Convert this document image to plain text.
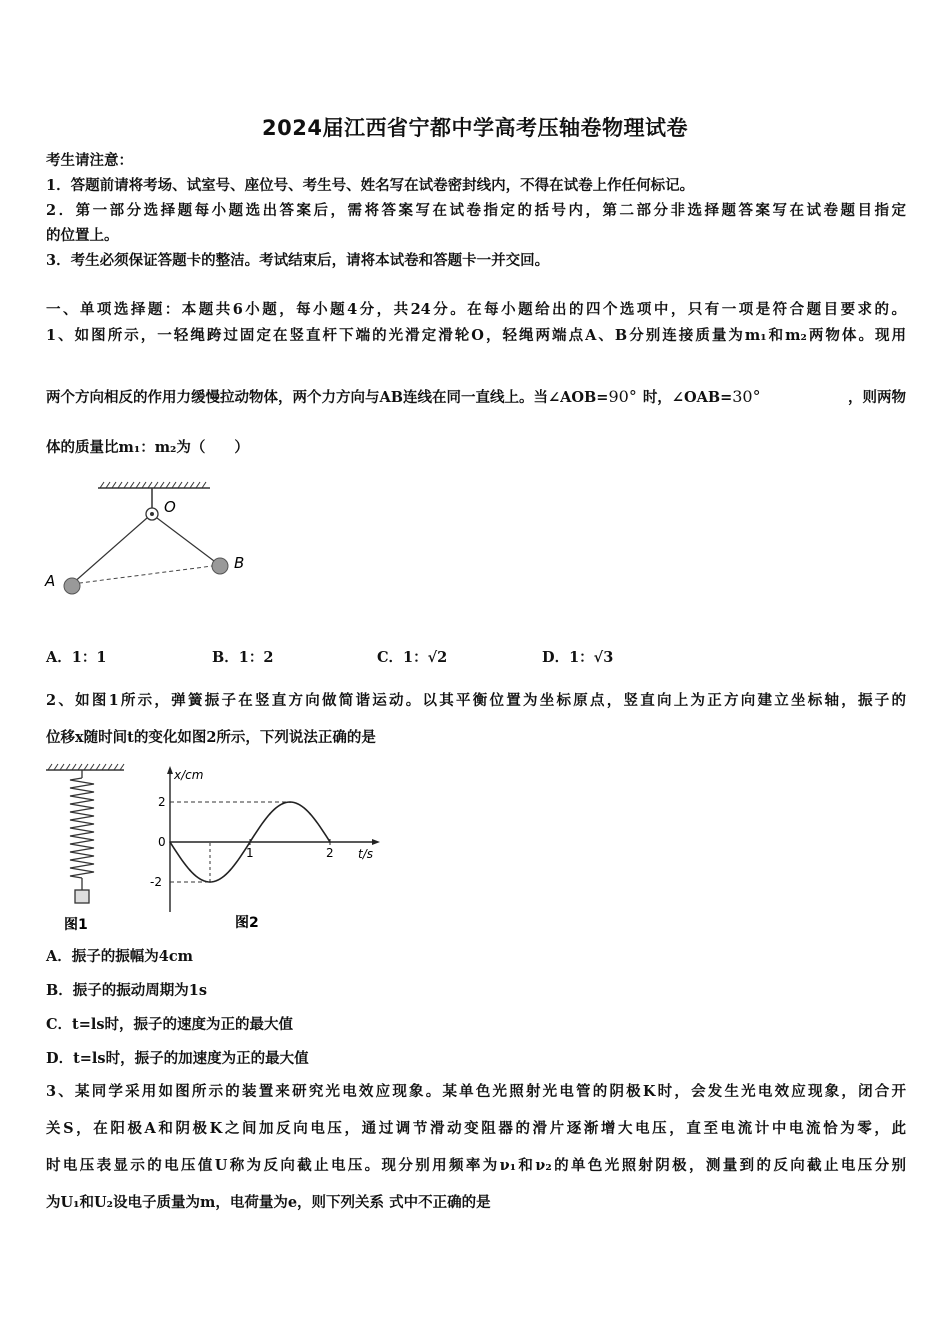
2024届江西省宁都中学高考压轴卷物理试卷
考生请注意：
1．答题前请将考场、试室号、座位号、考生号、姓名写在试卷密封线内，不得在试卷上作任何标记。
2．第一部分选择题每小题选出答案后，需将答案写在试卷指定的括号内，第二部分非选择题答案写在试卷题目指定
的位置上。
3．考生必须保证答题卡的整洁。考试结束后，请将本试卷和答题卡一并交回。
一、单项选择题：本题共6小题，每小题4分，共24分。在每小题给出的四个选项中，只有一项是符合题目要求的。
1、如图所示，一轻绳跨过固定在竖直杆下端的光滑定滑轮O，轻绳两端点A、B分别连接质量为m₁和m₂两物体。现用
两个方向相反的作用力缓慢拉动物体，两个力方向与AB连线在同一直线上。当∠AOB= 90° 时，∠OAB= 30°	，则两物
体的质量比m₁：m₂为（　　）
O
A
B
A．1：1	B．1：2	C．1：√2	D．1：√3
2、如图1所示，弹簧振子在竖直方向做简谐运动。以其平衡位置为坐标原点，竖直向上为正方向建立坐标轴，振子的
位移x随时间t的变化如图2所示，下列说法正确的是
图1
x/cm
t/s
1	2
2
0
-2
图2
A．振子的振幅为4cm
B．振子的振动周期为1s
C．t=ls时，振子的速度为正的最大值
D．t=ls时，振子的加速度为正的最大值
3、某同学采用如图所示的装置来研究光电效应现象。某单色光照射光电管的阴极K时，会发生光电效应现象，闭合开
关S，在阳极A和阴极K之间加反向电压，通过调节滑动变阻器的滑片逐渐增大电压，直至电流计中电流恰为零，此
时电压表显示的电压值U称为反向截止电压。现分别用频率为ν₁和ν₂的单色光照射阴极，测量到的反向截止电压分别
为U₁和U₂设电子质量为m，电荷量为e，则下列关系 式中不正确的是
